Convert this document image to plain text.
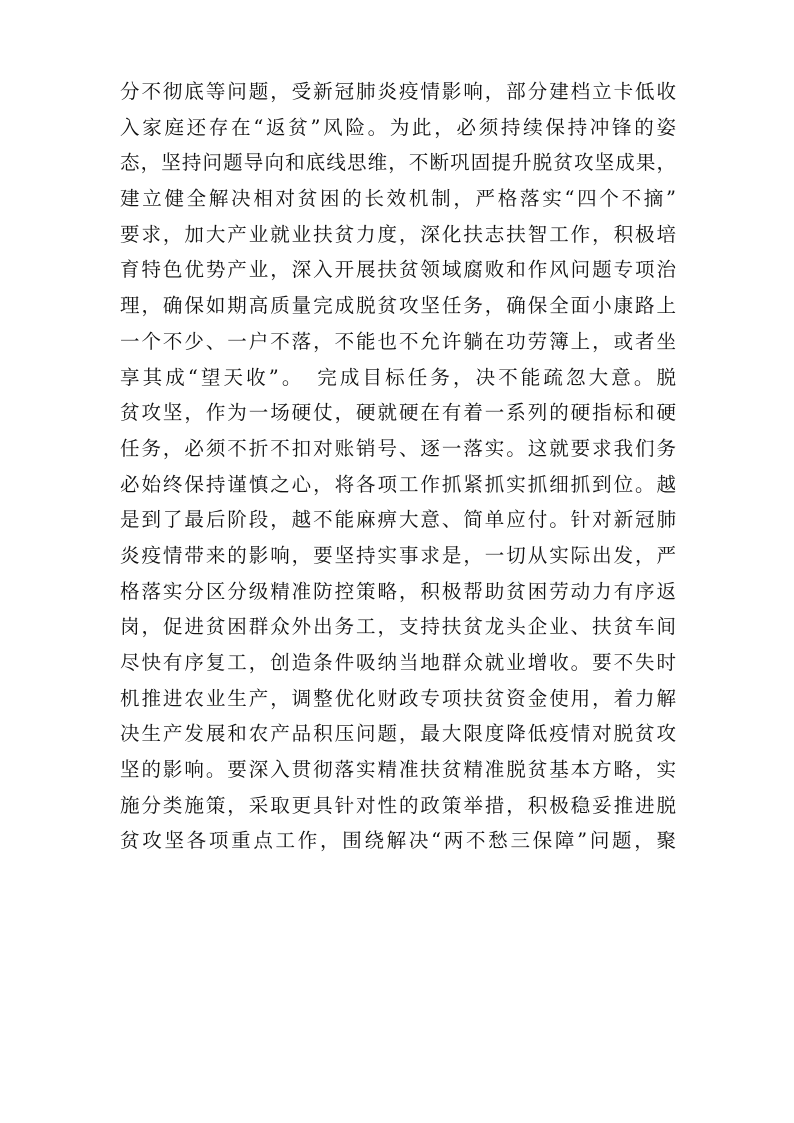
分不彻底等问题，受新冠肺炎疫情影响，部分建档立卡低收
入家庭还存在“返贫”风险。为此，必须持续保持冲锋的姿
态，坚持问题导向和底线思维，不断巩固提升脱贫攻坚成果，
建立健全解决相对贫困的长效机制，严格落实“四个不摘”
要求，加大产业就业扶贫力度，深化扶志扶智工作，积极培
育特色优势产业，深入开展扶贫领域腐败和作风问题专项治
理，确保如期高质量完成脱贫攻坚任务，确保全面小康路上
一个不少、一户不落，不能也不允许躺在功劳簿上，或者坐
享其成“望天收”。　完成目标任务，决不能疏忽大意。脱
贫攻坚，作为一场硬仗，硬就硬在有着一系列的硬指标和硬
任务，必须不折不扣对账销号、逐一落实。这就要求我们务
必始终保持谨慎之心，将各项工作抓紧抓实抓细抓到位。越
是到了最后阶段，越不能麻痹大意、简单应付。针对新冠肺
炎疫情带来的影响，要坚持实事求是，一切从实际出发，严
格落实分区分级精准防控策略，积极帮助贫困劳动力有序返
岗，促进贫困群众外出务工，支持扶贫龙头企业、扶贫车间
尽快有序复工，创造条件吸纳当地群众就业增收。要不失时
机推进农业生产，调整优化财政专项扶贫资金使用，着力解
决生产发展和农产品积压问题，最大限度降低疫情对脱贫攻
坚的影响。要深入贯彻落实精准扶贫精准脱贫基本方略，实
施分类施策，采取更具针对性的政策举措，积极稳妥推进脱
贫攻坚各项重点工作，围绕解决“两不愁三保障”问题，聚
